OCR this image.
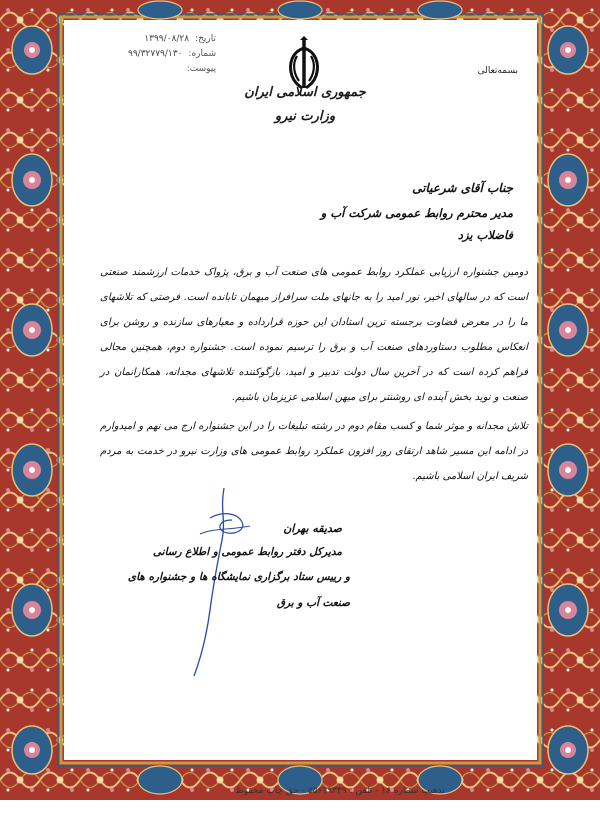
جمهوری اسلامی ایران
وزارت نیرو
بسمه‌تعالی
تاریخ:
۱۳۹۹/۰۸/۲۸
شماره:
۹۹/۳۲۷۷۹/۱۳۰
پیوست:
جناب آقای شرعیاتی
مدیر محترم روابط عمومی شرکت آب و فاضلاب یزد

دومین جشنواره ارزیابی عملکرد روابط عمومی های صنعت آب و برق، پژواک خدمات ارزشمند صنعتی است که در سالهای اخیر، نور امید را به جانهای ملت سرافراز میهمان تابانده است. فرصتی که تلاشهای ما را در معرض قضاوت برجسته ترین استادان این حوزه قرارداده و معیارهای سازنده و روشن برای انعکاس مطلوب دستاوردهای صنعت آب و برق را ترسیم نموده است. جشنواره دوم، همچنین مجالی فراهم کرده است که در آخرین سال دولت تدبیر و امید، بازگوکننده تلاشهای مجدانه، همکارانمان در صنعت و نوید بخش آینده ای روشنتر برای میهن اسلامی عزیزمان باشیم.

تلاش مجدانه و موثر شما و کسب مقام دوم در رشته تبلیغات را در این جشنواره ارج می نهم و امیدوارم در ادامه این مسیر شاهد ارتقای روز افزون عملکرد روابط عمومی های وزارت نیرو در خدمت به مردم شریف ایران اسلامی باشیم.

صدیقه بهران
مدیرکل دفتر روابط عمومی و اطلاع رسانی
و رییس ستاد برگزاری نمایشگاه ها و جشنواره های صنعت آب و برق
تذهیب شماره ۱۶ - تلفن : ۵۵۶۱۹۳۴۹ - حق چاپ محفوظ
